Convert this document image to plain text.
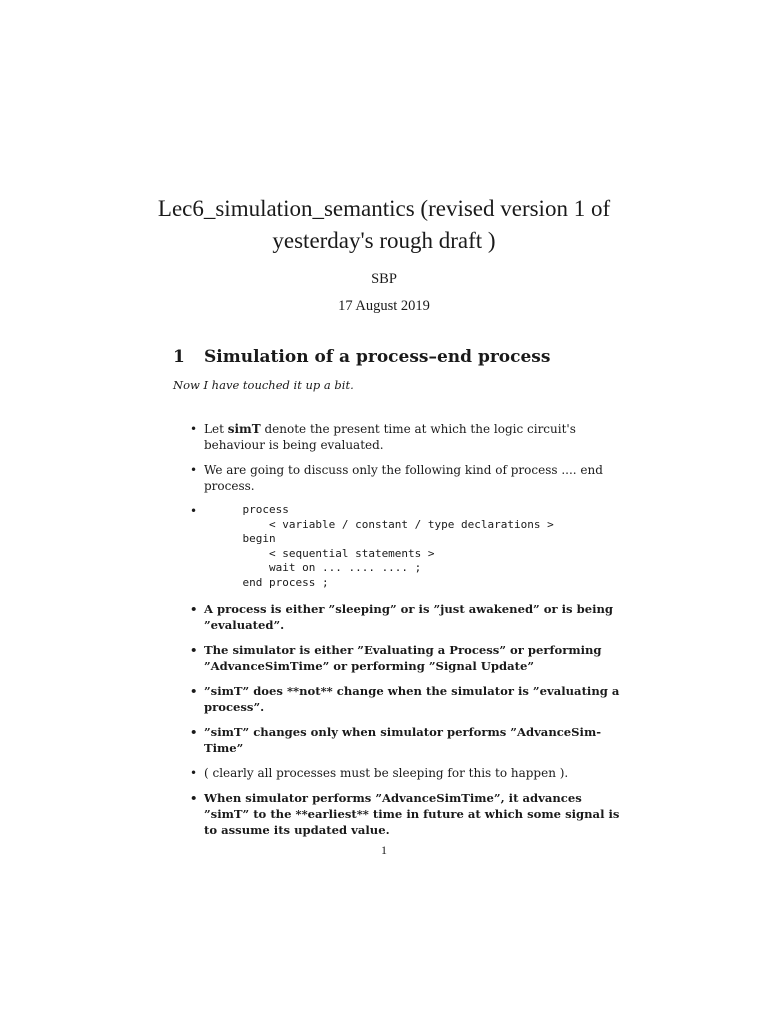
Lec6_simulation_semantics (revised version 1 of yesterday's rough draft )
SBP
17 August 2019
1 Simulation of a process–end process
Now I have touched it up a bit.
• Let simT denote the present time at which the logic circuit's behaviour is being evaluated.
• We are going to discuss only the following kind of process .... end process.
•	process
< variable / constant / type declarations >
begin
< sequential statements >
wait on ... .... .... ;
end process ;
• A process is either ”sleeping” or is ”just awakened” or is being ”evaluated”.
• The simulator is either ”Evaluating a Process” or performing ”AdvanceSimTime” or performing ”Signal Update”
• ”simT” does **not** change when the simulator is ”evaluating a process”.
• ”simT” changes only when simulator performs ”AdvanceSim-Time”
• ( clearly all processes must be sleeping for this to happen ).
• When simulator performs ”AdvanceSimTime”, it advances ”simT” to the **earliest** time in future at which some signal is to assume its updated value.
1
